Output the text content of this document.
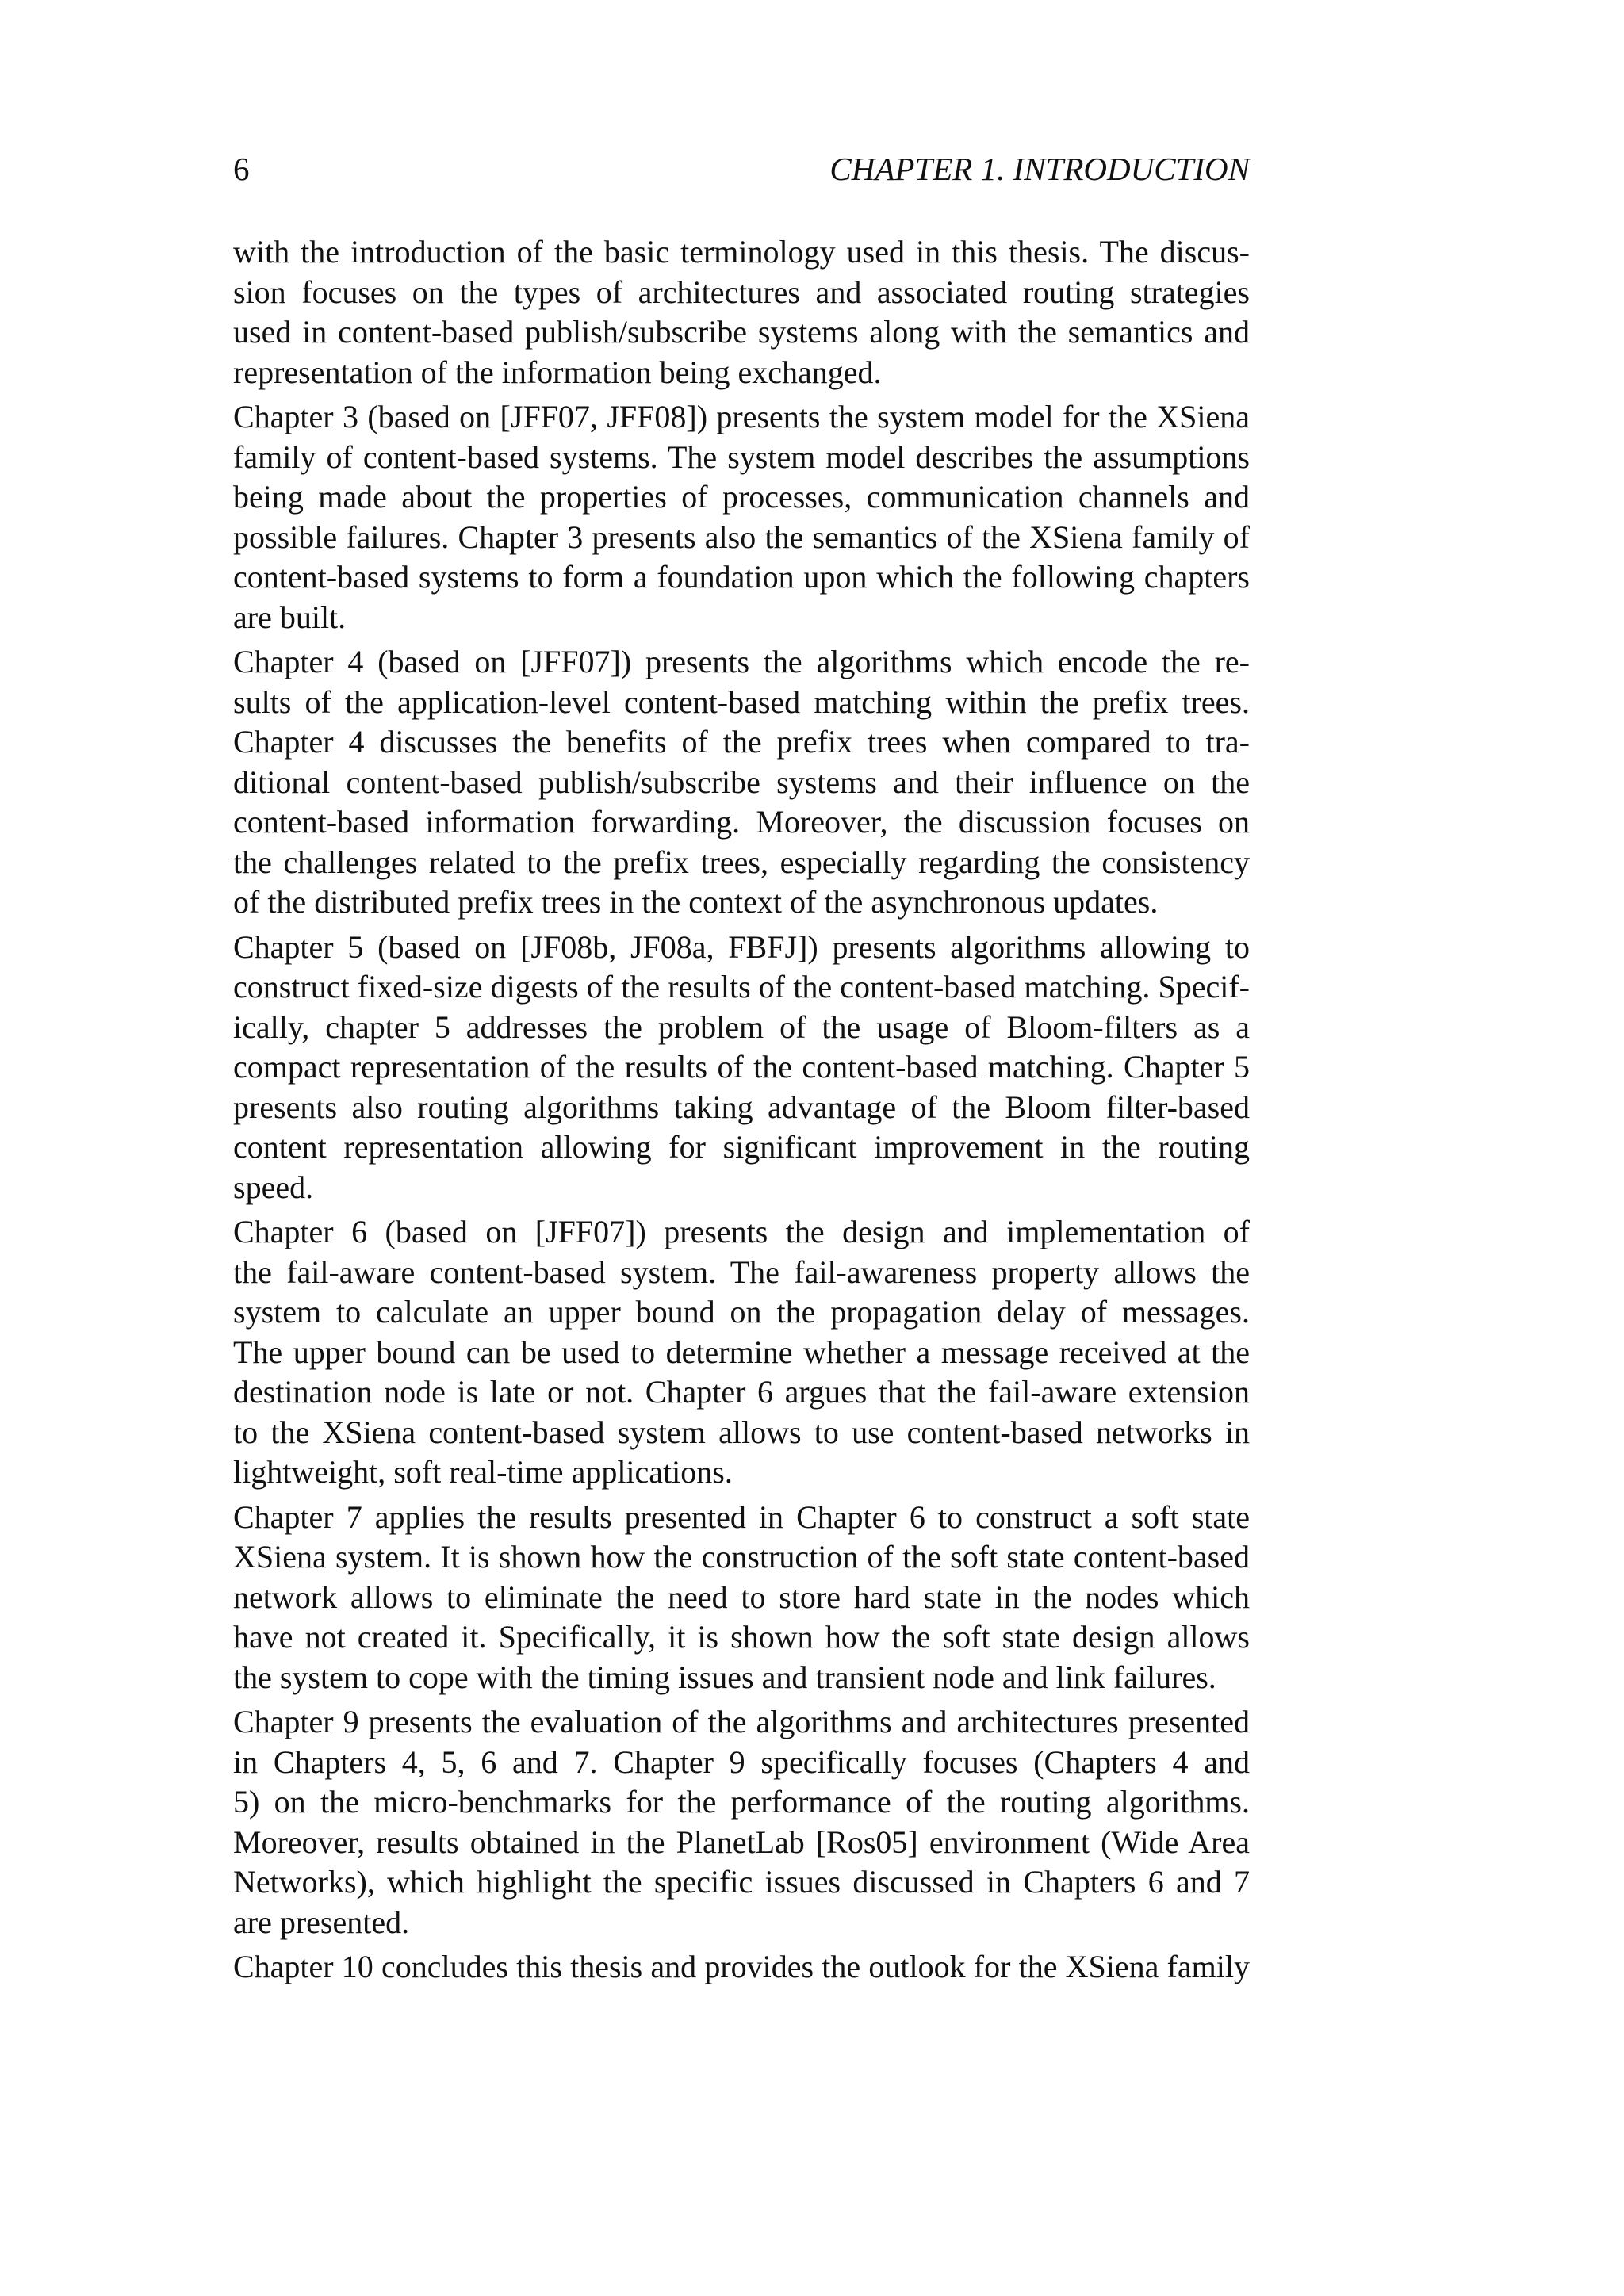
6	CHAPTER 1. INTRODUCTION

with the introduction of the basic terminology used in this thesis. The discus-
sion focuses on the types of architectures and associated routing strategies
used in content-based publish/subscribe systems along with the semantics and
representation of the information being exchanged.

Chapter 3 (based on [JFF07, JFF08]) presents the system model for the XSiena
family of content-based systems. The system model describes the assumptions
being made about the properties of processes, communication channels and
possible failures. Chapter 3 presents also the semantics of the XSiena family of
content-based systems to form a foundation upon which the following chapters
are built.

Chapter 4 (based on [JFF07]) presents the algorithms which encode the re-
sults of the application-level content-based matching within the prefix trees.
Chapter 4 discusses the benefits of the prefix trees when compared to tra-
ditional content-based publish/subscribe systems and their influence on the
content-based information forwarding. Moreover, the discussion focuses on
the challenges related to the prefix trees, especially regarding the consistency
of the distributed prefix trees in the context of the asynchronous updates.

Chapter 5 (based on [JF08b, JF08a, FBFJ]) presents algorithms allowing to
construct fixed-size digests of the results of the content-based matching. Specif-
ically, chapter 5 addresses the problem of the usage of Bloom-filters as a
compact representation of the results of the content-based matching. Chapter 5
presents also routing algorithms taking advantage of the Bloom filter-based
content representation allowing for significant improvement in the routing
speed.

Chapter 6 (based on [JFF07]) presents the design and implementation of
the fail-aware content-based system. The fail-awareness property allows the
system to calculate an upper bound on the propagation delay of messages.
The upper bound can be used to determine whether a message received at the
destination node is late or not. Chapter 6 argues that the fail-aware extension
to the XSiena content-based system allows to use content-based networks in
lightweight, soft real-time applications.

Chapter 7 applies the results presented in Chapter 6 to construct a soft state
XSiena system. It is shown how the construction of the soft state content-based
network allows to eliminate the need to store hard state in the nodes which
have not created it. Specifically, it is shown how the soft state design allows
the system to cope with the timing issues and transient node and link failures.

Chapter 9 presents the evaluation of the algorithms and architectures presented
in Chapters 4, 5, 6 and 7. Chapter 9 specifically focuses (Chapters 4 and
5) on the micro-benchmarks for the performance of the routing algorithms.
Moreover, results obtained in the PlanetLab [Ros05] environment (Wide Area
Networks), which highlight the specific issues discussed in Chapters 6 and 7
are presented.

Chapter 10 concludes this thesis and provides the outlook for the XSiena family
